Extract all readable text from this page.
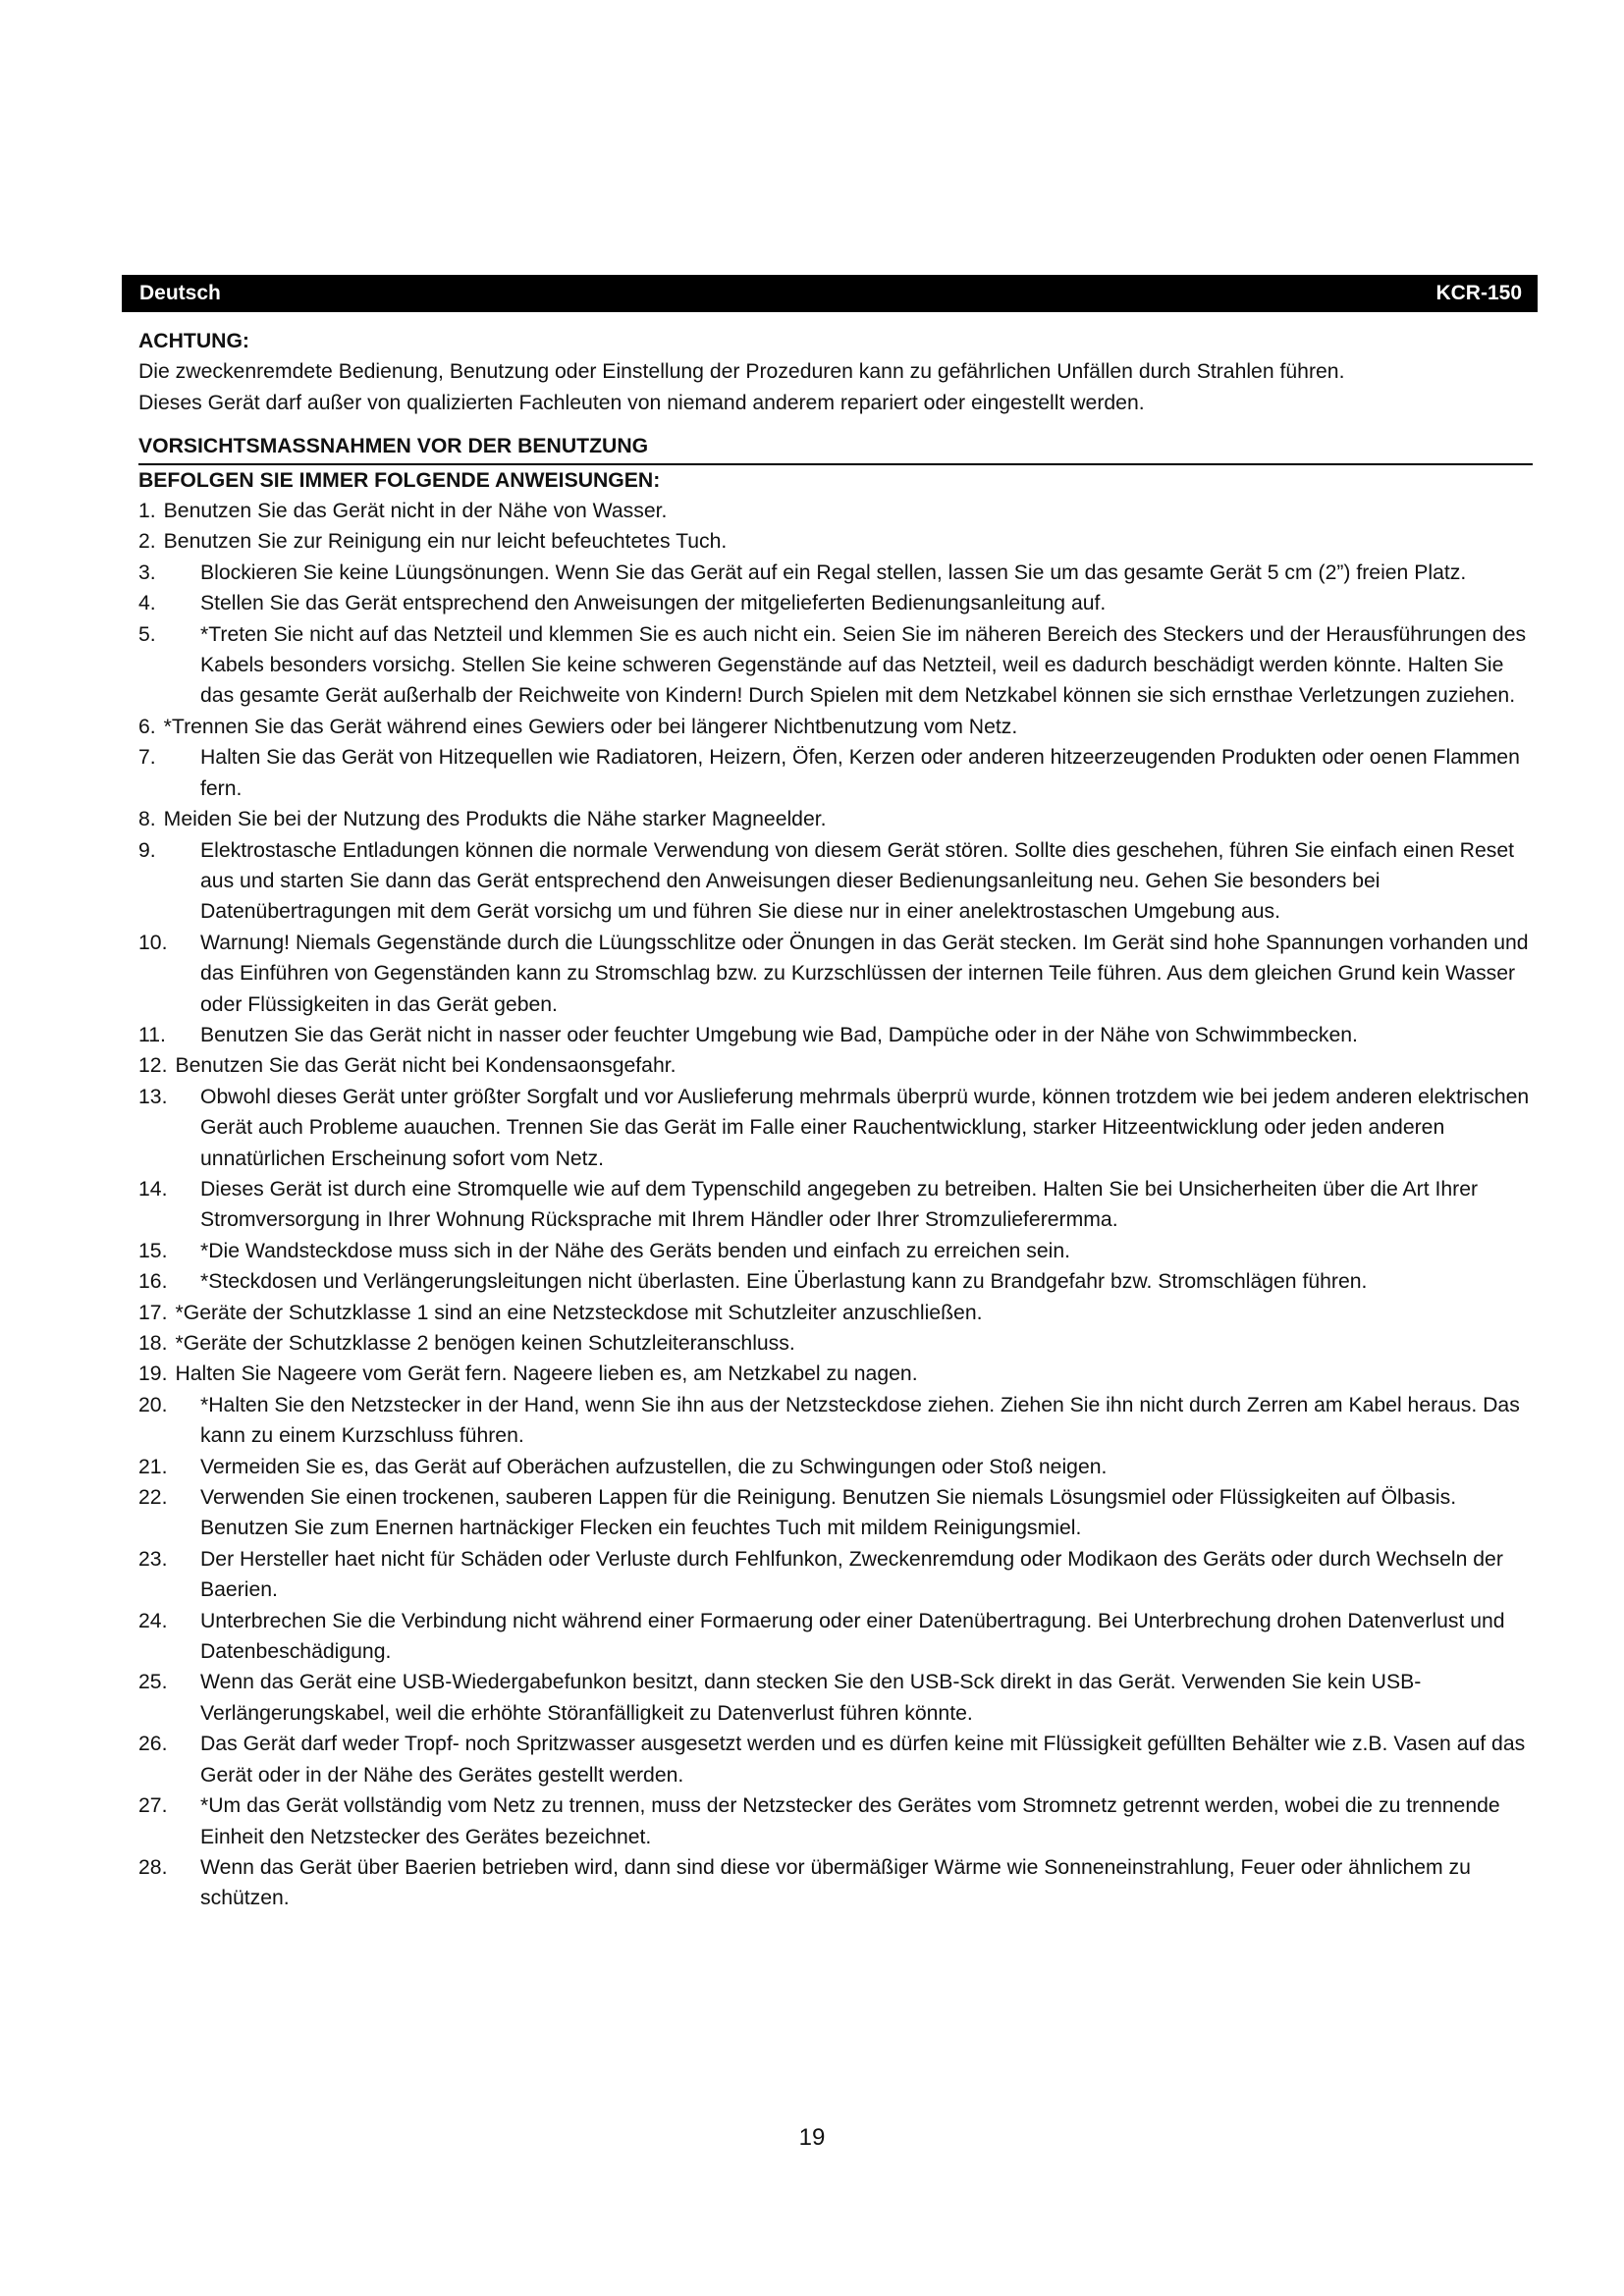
Deutsch	KCR-150
ACHTUNG:

Die zweckenremdete Bedienung, Benutzung oder Einstellung der Prozeduren kann zu gefährlichen Unfällen durch Strahlen führen.

Dieses Gerät darf außer von qualizierten Fachleuten von niemand anderem repariert oder eingestellt werden.

VORSICHTSMASSNAHMEN VOR DER BENUTZUNG
BEFOLGEN SIE IMMER FOLGENDE ANWEISUNGEN:
1. Benutzen Sie das Gerät nicht in der Nähe von Wasser.
2. Benutzen Sie zur Reinigung ein nur leicht befeuchtetes Tuch.
3. Blockieren Sie keine Lüungsönungen. Wenn Sie das Gerät auf ein Regal stellen, lassen Sie um das gesamte Gerät 5 cm (2”) freien Platz.
4. Stellen Sie das Gerät entsprechend den Anweisungen der mitgelieferten Bedienungsanleitung auf.
5. *Treten Sie nicht auf das Netzteil und klemmen Sie es auch nicht ein. Seien Sie im näheren Bereich des Steckers und der Herausführungen des Kabels besonders vorsichg. Stellen Sie keine schweren Gegenstände auf das Netzteil, weil es dadurch beschädigt werden könnte. Halten Sie das gesamte Gerät außerhalb der Reichweite von Kindern! Durch Spielen mit dem Netzkabel können sie sich ernsthae Verletzungen zuziehen.
6. *Trennen Sie das Gerät während eines Gewiers oder bei längerer Nichtbenutzung vom Netz.
7. Halten Sie das Gerät von Hitzequellen wie Radiatoren, Heizern, Öfen, Kerzen oder anderen hitzeerzeugenden Produkten oder oenen Flammen fern.
8. Meiden Sie bei der Nutzung des Produkts die Nähe starker Magneelder.
9. Elektrostasche Entladungen können die normale Verwendung von diesem Gerät stören. Sollte dies geschehen, führen Sie einfach einen Reset aus und starten Sie dann das Gerät entsprechend den Anweisungen dieser Bedienungsanleitung neu. Gehen Sie besonders bei Datenübertragungen mit dem Gerät vorsichg um und führen Sie diese nur in einer anelektrostaschen Umgebung aus.
10. Warnung! Niemals Gegenstände durch die Lüungsschlitze oder Önungen in das Gerät stecken. Im Gerät sind hohe Spannungen vorhanden und das Einführen von Gegenständen kann zu Stromschlag bzw. zu Kurzschlüssen der internen Teile führen. Aus dem gleichen Grund kein Wasser oder Flüssigkeiten in das Gerät geben.
11. Benutzen Sie das Gerät nicht in nasser oder feuchter Umgebung wie Bad, Dampüche oder in der Nähe von Schwimmbecken.
12. Benutzen Sie das Gerät nicht bei Kondensaonsgefahr.
13. Obwohl dieses Gerät unter größter Sorgfalt und vor Auslieferung mehrmals überprü wurde, können trotzdem wie bei jedem anderen elektrischen Gerät auch Probleme auauchen. Trennen Sie das Gerät im Falle einer Rauchentwicklung, starker Hitzeentwicklung oder jeden anderen unnatürlichen Erscheinung sofort vom Netz.
14. Dieses Gerät ist durch eine Stromquelle wie auf dem Typenschild angegeben zu betreiben. Halten Sie bei Unsicherheiten über die Art Ihrer Stromversorgung in Ihrer Wohnung Rücksprache mit Ihrem Händler oder Ihrer Stromzulieferermma.
15. *Die Wandsteckdose muss sich in der Nähe des Geräts benden und einfach zu erreichen sein.
16. *Steckdosen und Verlängerungsleitungen nicht überlasten. Eine Überlastung kann zu Brandgefahr bzw. Stromschlägen führen.
17. *Geräte der Schutzklasse 1 sind an eine Netzsteckdose mit Schutzleiter anzuschließen.
18. *Geräte der Schutzklasse 2 benögen keinen Schutzleiteranschluss.
19. Halten Sie Nageere vom Gerät fern. Nageere lieben es, am Netzkabel zu nagen.
20. *Halten Sie den Netzstecker in der Hand, wenn Sie ihn aus der Netzsteckdose ziehen. Ziehen Sie ihn nicht durch Zerren am Kabel heraus. Das kann zu einem Kurzschluss führen.
21. Vermeiden Sie es, das Gerät auf Oberächen aufzustellen, die zu Schwingungen oder Stoß neigen.
22. Verwenden Sie einen trockenen, sauberen Lappen für die Reinigung. Benutzen Sie niemals Lösungsmiel oder Flüssigkeiten auf Ölbasis. Benutzen Sie zum Enernen hartnäckiger Flecken ein feuchtes Tuch mit mildem Reinigungsmiel.
23. Der Hersteller haet nicht für Schäden oder Verluste durch Fehlfunkon, Zweckenremdung oder Modikaon des Geräts oder durch Wechseln der Baerien.
24. Unterbrechen Sie die Verbindung nicht während einer Formaerung oder einer Datenübertragung. Bei Unterbrechung drohen Datenverlust und Datenbeschädigung.
25. Wenn das Gerät eine USB-Wiedergabefunkon besitzt, dann stecken Sie den USB-Sck direkt in das Gerät. Verwenden Sie kein USB-Verlängerungskabel, weil die erhöhte Störanfälligkeit zu Datenverlust führen könnte.
26. Das Gerät darf weder Tropf- noch Spritzwasser ausgesetzt werden und es dürfen keine mit Flüssigkeit gefüllten Behälter wie z.B. Vasen auf das Gerät oder in der Nähe des Gerätes gestellt werden.
27. *Um das Gerät vollständig vom Netz zu trennen, muss der Netzstecker des Gerätes vom Stromnetz getrennt werden, wobei die zu trennende Einheit den Netzstecker des Gerätes bezeichnet.
28. Wenn das Gerät über Baerien betrieben wird, dann sind diese vor übermäßiger Wärme wie Sonneneinstrahlung, Feuer oder ähnlichem zu schützen.
19
